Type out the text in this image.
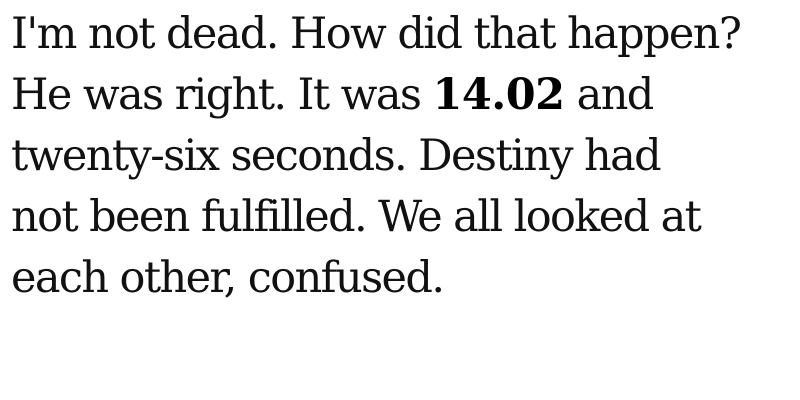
I'm not dead. How did that happen?
He was right. It was 14.02 and
twenty-six seconds. Destiny had
not been fulfilled. We all looked at
each other, confused.
